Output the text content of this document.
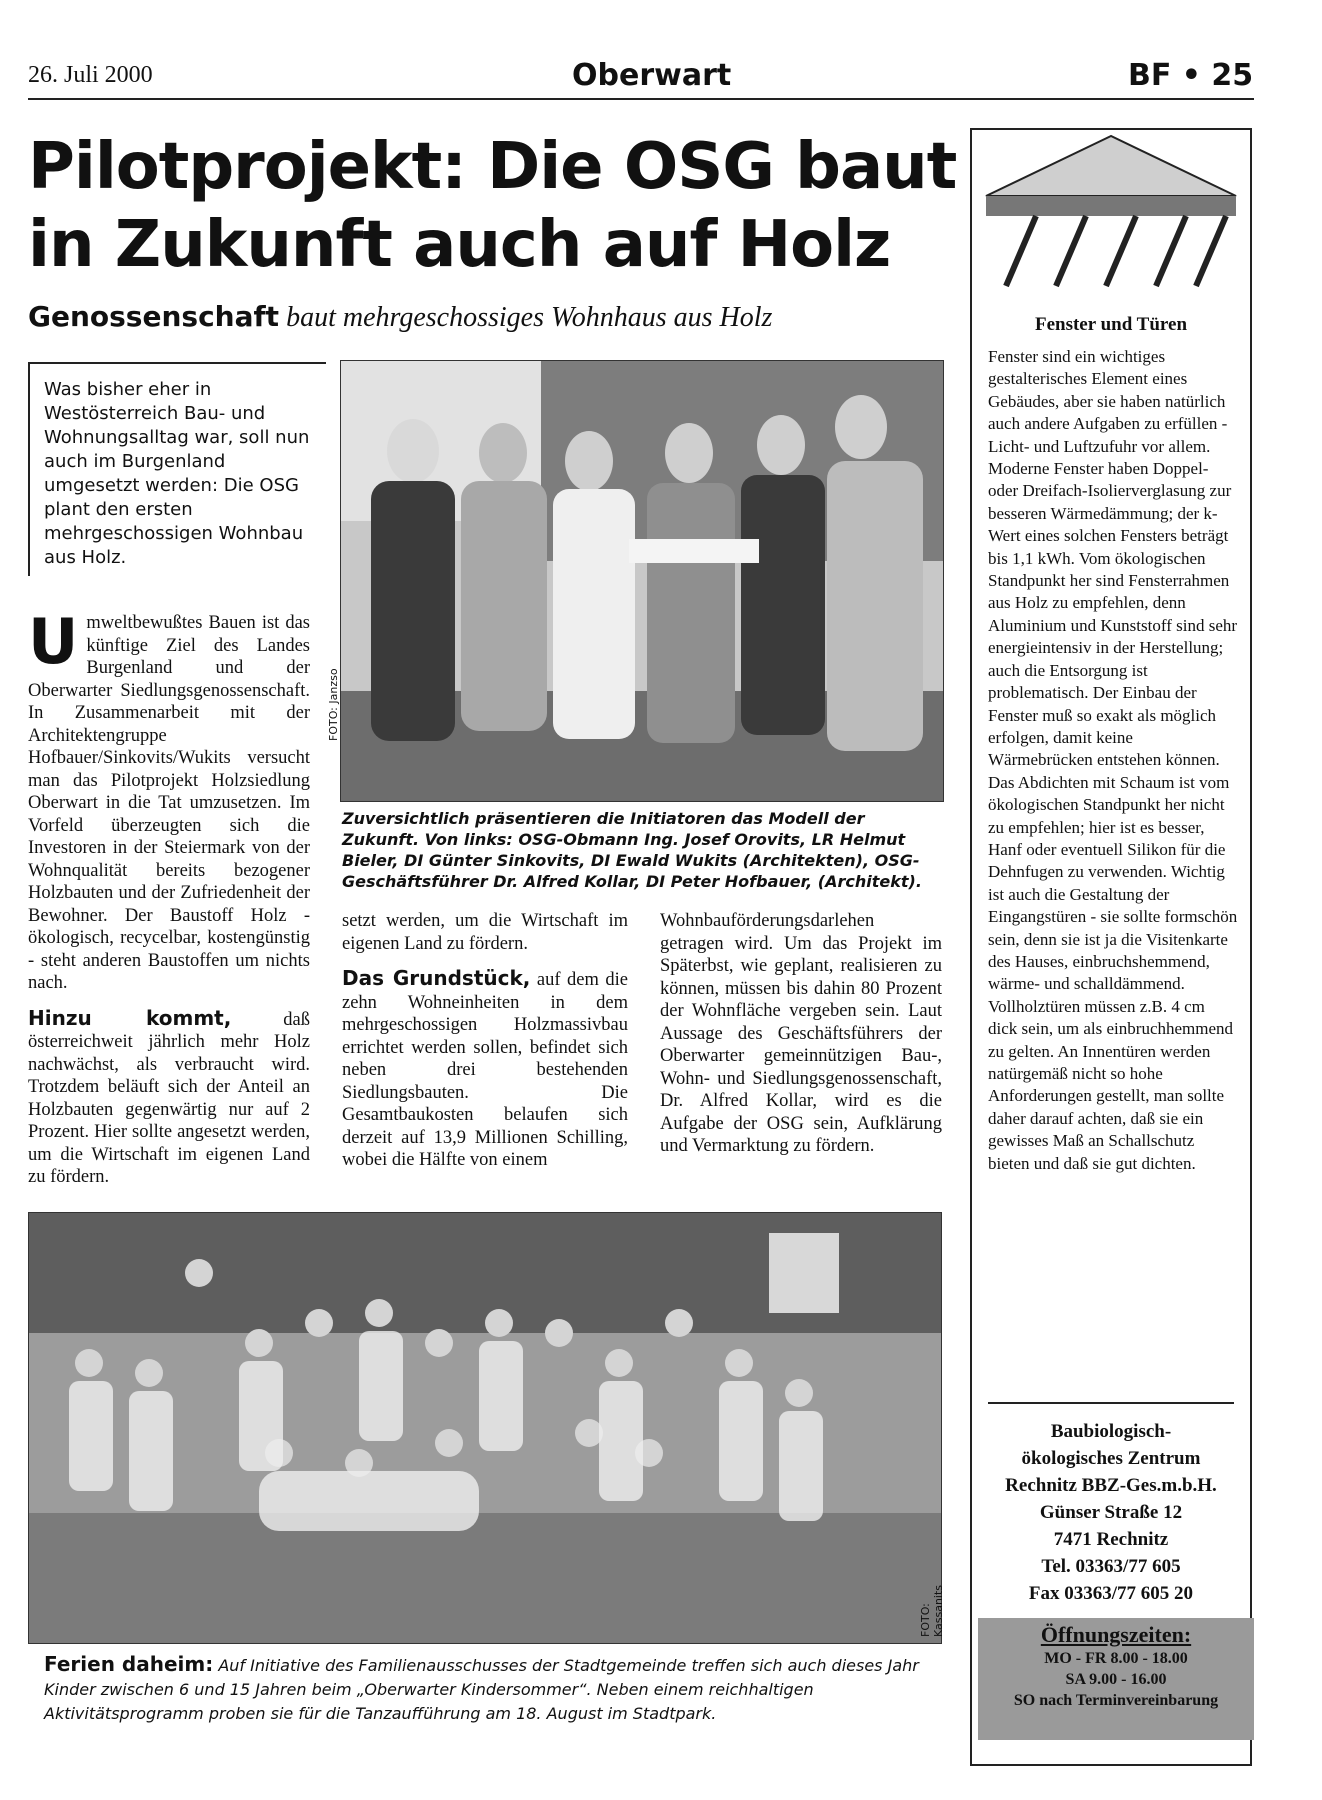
26. Juli 2000	Oberwart	BF • 25
Pilotprojekt: Die OSG baut in Zukunft auch auf Holz
Genossenschaft baut mehrgeschossiges Wohnhaus aus Holz
Was bisher eher in Westösterreich Bau- und Wohnungsalltag war, soll nun auch im Burgenland umgesetzt werden: Die OSG plant den ersten mehrgeschossigen Wohnbau aus Holz.
U mweltbewußtes Bauen ist das künftige Ziel des Landes Burgenland und der Oberwarter Siedlungsgenossenschaft. In Zusammenarbeit mit der Architektengruppe Hofbauer/Sinkovits/Wukits versucht man das Pilotprojekt Holzsiedlung Oberwart in die Tat umzusetzen. Im Vorfeld überzeugten sich die Investoren in der Steiermark von der Wohnqualität bereits bezogener Holzbauten und der Zufriedenheit der Bewohner. Der Baustoff Holz - ökologisch, recycelbar, kostengünstig - steht anderen Baustoffen um nichts nach.

Hinzu kommt,	daß österreichweit jährlich mehr Holz nachwächst, als verbraucht wird. Trotzdem beläuft sich der Anteil an Holzbauten gegenwärtig nur auf 2 Prozent. Hier sollte angesetzt werden, um die Wirtschaft im eigenen Land zu fördern.

FOTO: Janzso
Zuversichtlich präsentieren die Initiatoren das Modell der Zukunft. Von links: OSG-Obmann Ing. Josef Orovits, LR Helmut Bieler, DI Günter Sinkovits, DI Ewald Wukits (Architekten), OSG-Geschäftsführer Dr. Alfred Kollar, DI Peter Hofbauer, (Architekt).

setzt werden, um die Wirtschaft im eigenen Land zu fördern.

Das Grundstück, auf dem die zehn Wohneinheiten in dem mehrgeschossigen Holzmassivbau errichtet werden sollen, befindet sich neben drei bestehenden Siedlungsbauten. Die Gesamtbaukosten belaufen sich derzeit auf 13,9 Millionen Schilling, wobei die Hälfte von einem

Wohnbauförderungsdarlehen getragen wird. Um das Projekt im Späterbst, wie geplant, realisieren zu können, müssen bis dahin 80 Prozent der Wohnfläche vergeben sein. Laut Aussage des Geschäftsführers der Oberwarter gemeinnützigen Bau-, Wohn- und Siedlungsgenossenschaft, Dr. Alfred Kollar, wird es die Aufgabe der OSG sein, Aufklärung und Vermarktung zu fördern.

FOTO: Kassanits
Ferien daheim: Auf Initiative des Familienausschusses der Stadtgemeinde treffen sich auch dieses Jahr Kinder zwischen 6 und 15 Jahren beim „Oberwarter Kindersommer“. Neben einem reichhaltigen Aktivitätsprogramm proben sie für die Tanzaufführung am 18. August im Stadtpark.
Fenster und Türen
Fenster sind ein wichtiges gestalterisches Element eines Gebäudes, aber sie haben natürlich auch andere Aufgaben zu erfüllen - Licht- und Luftzufuhr vor allem. Moderne Fenster haben Doppel- oder Dreifach-Isolierverglasung zur besseren Wärmedämmung; der k-Wert eines solchen Fensters beträgt bis 1,1 kWh. Vom ökologischen Standpunkt her sind Fensterrahmen aus Holz zu empfehlen, denn Aluminium und Kunststoff sind sehr energieintensiv in der Herstellung; auch die Entsorgung ist problematisch. Der Einbau der Fenster muß so exakt als möglich erfolgen, damit keine Wärmebrücken entstehen können. Das Abdichten mit Schaum ist vom ökologischen Standpunkt her nicht zu empfehlen; hier ist es besser, Hanf oder eventuell Silikon für die Dehnfugen zu verwenden. Wichtig ist auch die Gestaltung der Eingangstüren - sie sollte formschön sein, denn sie ist ja die Visitenkarte des Hauses, einbruchshemmend, wärme- und schalldämmend. Vollholztüren müssen z.B. 4 cm dick sein, um als einbruchhemmend zu gelten. An Innentüren werden natürgemäß nicht so hohe Anforderungen gestellt, man sollte daher darauf achten, daß sie ein gewisses Maß an Schallschutz bieten und daß sie gut dichten.
Baubiologisch-
ökologisches Zentrum
Rechnitz BBZ-Ges.m.b.H.
Günser Straße 12
7471 Rechnitz
Tel. 03363/77 605
Fax 03363/77 605 20
Öffnungszeiten:
MO - FR 8.00 - 18.00
SA 9.00 - 16.00
SO nach Terminvereinbarung
